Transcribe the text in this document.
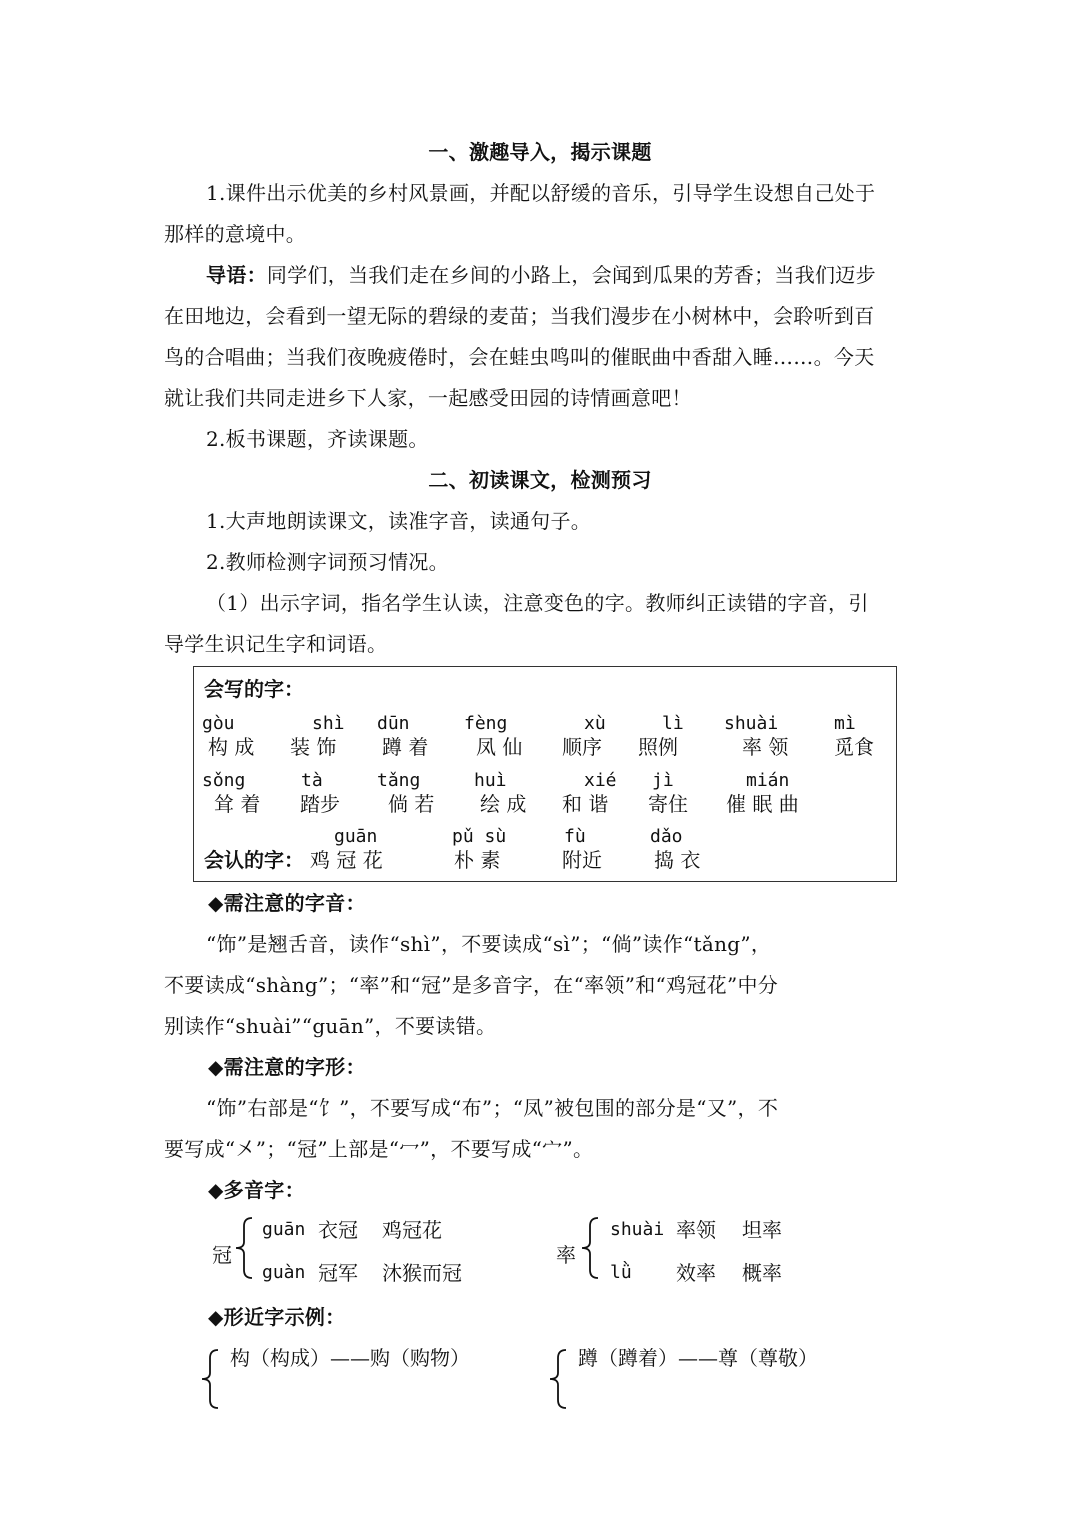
一、激趣导入，揭示课题
1.课件出示优美的乡村风景画，并配以舒缓的音乐，引导学生设想自己处于
那样的意境中。
导语：同学们，当我们走在乡间的小路上，会闻到瓜果的芳香；当我们迈步
在田地边，会看到一望无际的碧绿的麦苗；当我们漫步在小树林中，会聆听到百
鸟的合唱曲；当我们夜晚疲倦时，会在蛙虫鸣叫的催眠曲中香甜入睡……。今天
就让我们共同走进乡下人家，一起感受田园的诗情画意吧！
2.板书课题，齐读课题。
二、初读课文，检测预习
1.大声地朗读课文，读准字音，读通句子。
2.教师检测字词预习情况。
（1）出示字词，指名学生认读，注意变色的字。教师纠正读错的字音，引
导学生识记生字和词语。
会写的字：
gòu
构 成
shì
装 饰
dūn
蹲 着
fèng
凤 仙
xù
顺序
lì
照例
shuài
率 领
mì
觅食
sǒng
耸 着
tà
踏步
tǎng
倘 若
huì
绘 成
xié
和 谐
jì
寄住
mián
催 眠 曲
会认的字：
guān
鸡 冠 花
pǔ sù
朴 素
fù
附近
dǎo
捣 衣
◆需注意的字音：
“饰”是翘舌音，读作“shì”，不要读成“sì”；“倘”读作“tǎng”，
不要读成“shàng”；“率”和“冠”是多音字，在“率领”和“鸡冠花”中分
别读作“shuài”“guān”，不要读错。
◆需注意的字形：
“饰”右部是“饣”，不要写成“布”；“凤”被包围的部分是“又”，不
要写成“㐅”；“冠”上部是“冖”，不要写成“宀”。
◆多音字：
冠
guān 衣冠 鸡冠花
guàn 冠军 沐猴而冠
率
shuài 率领 坦率
lǜ 效率 概率
◆形近字示例：
构（构成）——购（购物）	蹲（蹲着）——尊（尊敬）
